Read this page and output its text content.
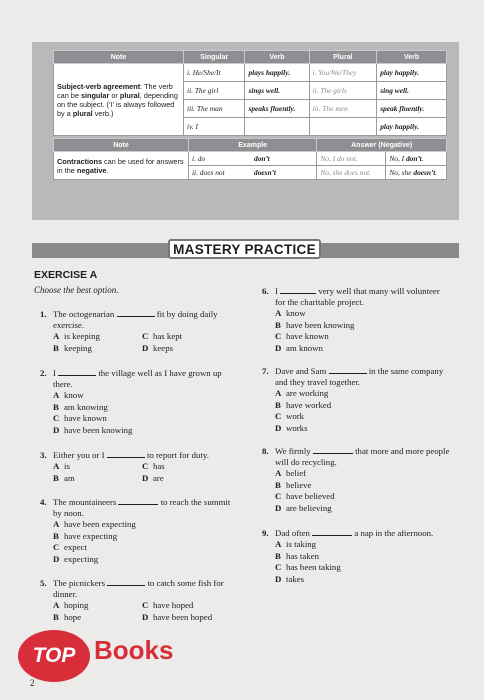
Note	Singular	Verb	Plural	Verb
Subject-verb agreement: The verb can be singular or plural, depending on the subject. (‘I’ is always followed by a plural verb.)	i. He/She/It	plays happily.	i. You/We/They	play happily.
	ii. The girl	sings well.	ii. The girls	sing well.
	iii. The man	speaks fluently.	iii. The men	speak fluently.
	iv. I			play happily.
Note	Example		Answer (Negative)	
Contractions can be used for answers in the negative.	i. do	don’t	No, I do not.	No, I don’t.
	ii. does not	doesn’t	No, she does not.	No, she doesn’t.
MASTERY PRACTICE
EXERCISE A
Choose the best option.
1. The octogenarian	fit by doing daily
exercise.
A is keeping	C has kept
B keeping	D keeps
2. I	the village well as I have grown up
there.
A know
B am knowing
C have known
D have been knowing
3. Either you or I	to report for duty.
A is	C has
B am	D are
4. The mountaineers	to reach the summit
by noon.
A have been expecting
B have expecting
C expect
D expecting
5. The picnickers	to catch some fish for
dinner.
A hoping	C have hoped
B hope	D have been hoped
6. I	very well that many will volunteer
for the charitable project.
A know
B have been knowing
C have known
D am known
7. Dave and Sam	in the same company
and they travel together.
A are working
B have worked
C work
D works
8. We firmly	that more and more people
will do recycling.
A belief
B believe
C have believed
D are believing
9. Dad often	a nap in the afternoon.
A is taking
B has taken
C has been taking
D takes
TOP Books
2
